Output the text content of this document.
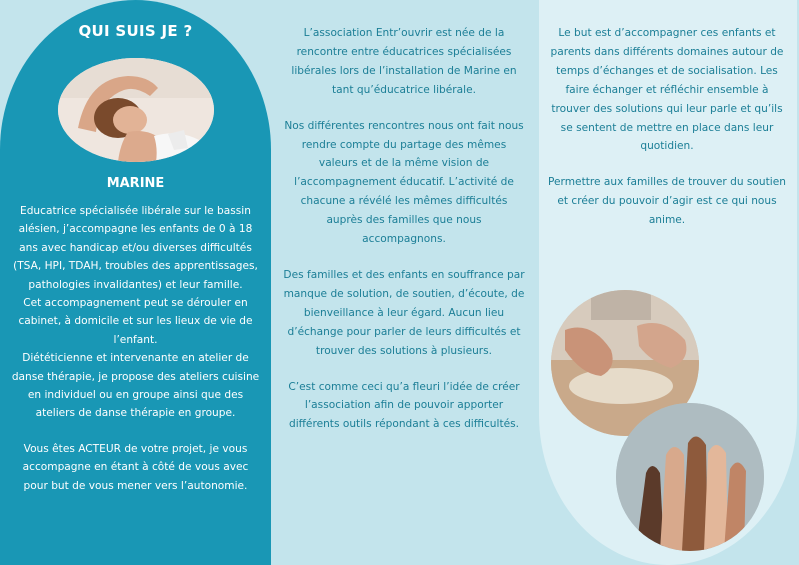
QUI SUIS JE ?
MARINE

Educatrice spécialisée libérale sur le bassin alésien, j’accompagne les enfants de 0 à 18 ans avec handicap et/ou diverses difficultés (TSA, HPI, TDAH, troubles des apprentissages, pathologies invalidantes) et leur famille.

Cet accompagnement peut se dérouler en cabinet, à domicile et sur les lieux de vie de l’enfant.

Diététicienne et intervenante en atelier de danse thérapie, je propose des ateliers cuisine en individuel ou en groupe ainsi que des ateliers de danse thérapie en groupe.

Vous êtes ACTEUR de votre projet, je vous accompagne en étant à côté de vous avec pour but de vous mener vers l’autonomie.

L’association Entr’ouvrir est née de la rencontre entre éducatrices spécialisées libérales lors de l’installation de Marine en tant qu’éducatrice libérale.

Nos différentes rencontres nous ont fait nous rendre compte du partage des mêmes valeurs et de la même vision de l’accompagnement éducatif. L’activité de chacune a révélé les mêmes difficultés auprès des familles que nous accompagnons.

Des familles et des enfants en souffrance par manque de solution, de soutien, d’écoute, de bienveillance à leur égard. Aucun lieu d’échange pour parler de leurs difficultés et trouver des solutions à plusieurs.

C’est comme ceci qu’a fleuri l’idée de créer l’association afin de pouvoir apporter différents outils répondant à ces difficultés.

Le but est d’accompagner ces enfants et parents dans différents domaines autour de temps d’échanges et de socialisation. Les faire échanger et réfléchir ensemble à trouver des solutions qui leur parle et qu’ils se sentent de mettre en place dans leur quotidien.

Permettre aux familles de trouver du soutien et créer du pouvoir d’agir est ce qui nous anime.
